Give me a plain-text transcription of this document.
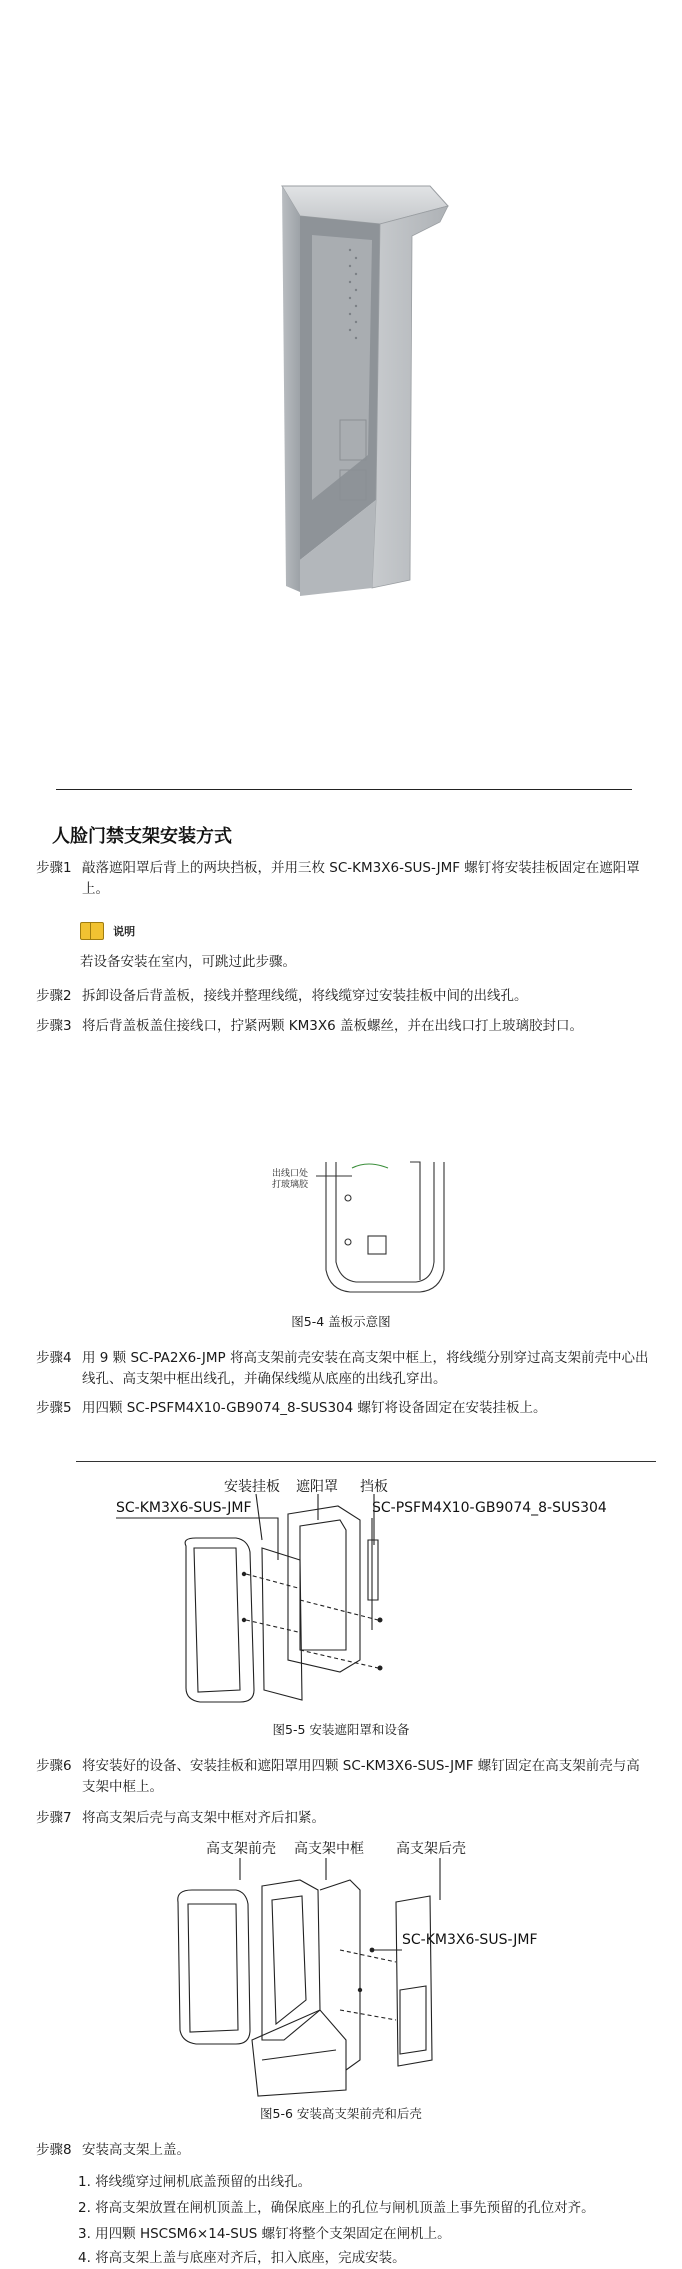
人脸门禁支架安装方式
步骤1 敲落遮阳罩后背上的两块挡板，并用三枚 SC-KM3X6-SUS-JMF 螺钉将安装挂板固定在遮阳罩上。
说明
若设备安装在室内，可跳过此步骤。
步骤2 拆卸设备后背盖板，接线并整理线缆，将线缆穿过安装挂板中间的出线孔。
步骤3 将后背盖板盖住接线口，拧紧两颗 KM3X6 盖板螺丝，并在出线口打上玻璃胶封口。
出线口处
打玻璃胶
图5-4 盖板示意图
步骤4 用 9 颗 SC-PA2X6-JMP 将高支架前壳安装在高支架中框上，将线缆分别穿过高支架前壳中心出线孔、高支架中框出线孔，并确保线缆从底座的出线孔穿出。
步骤5 用四颗 SC-PSFM4X10-GB9074_8-SUS304 螺钉将设备固定在安装挂板上。
安装挂板 遮阳罩 挡板
SC-KM3X6-SUS-JMF	SC-PSFM4X10-GB9074_8-SUS304
图5-5 安装遮阳罩和设备
步骤6 将安装好的设备、安装挂板和遮阳罩用四颗 SC-KM3X6-SUS-JMF 螺钉固定在高支架前壳与高支架中框上。
步骤7 将高支架后壳与高支架中框对齐后扣紧。
高支架前壳 高支架中框 高支架后壳
SC-KM3X6-SUS-JMF
图5-6 安装高支架前壳和后壳
步骤8 安装高支架上盖。
1. 将线缆穿过闸机底盖预留的出线孔。
2. 将高支架放置在闸机顶盖上，确保底座上的孔位与闸机顶盖上事先预留的孔位对齐。
3. 用四颗 HSCSM6×14-SUS 螺钉将整个支架固定在闸机上。
4. 将高支架上盖与底座对齐后，扣入底座，完成安装。
